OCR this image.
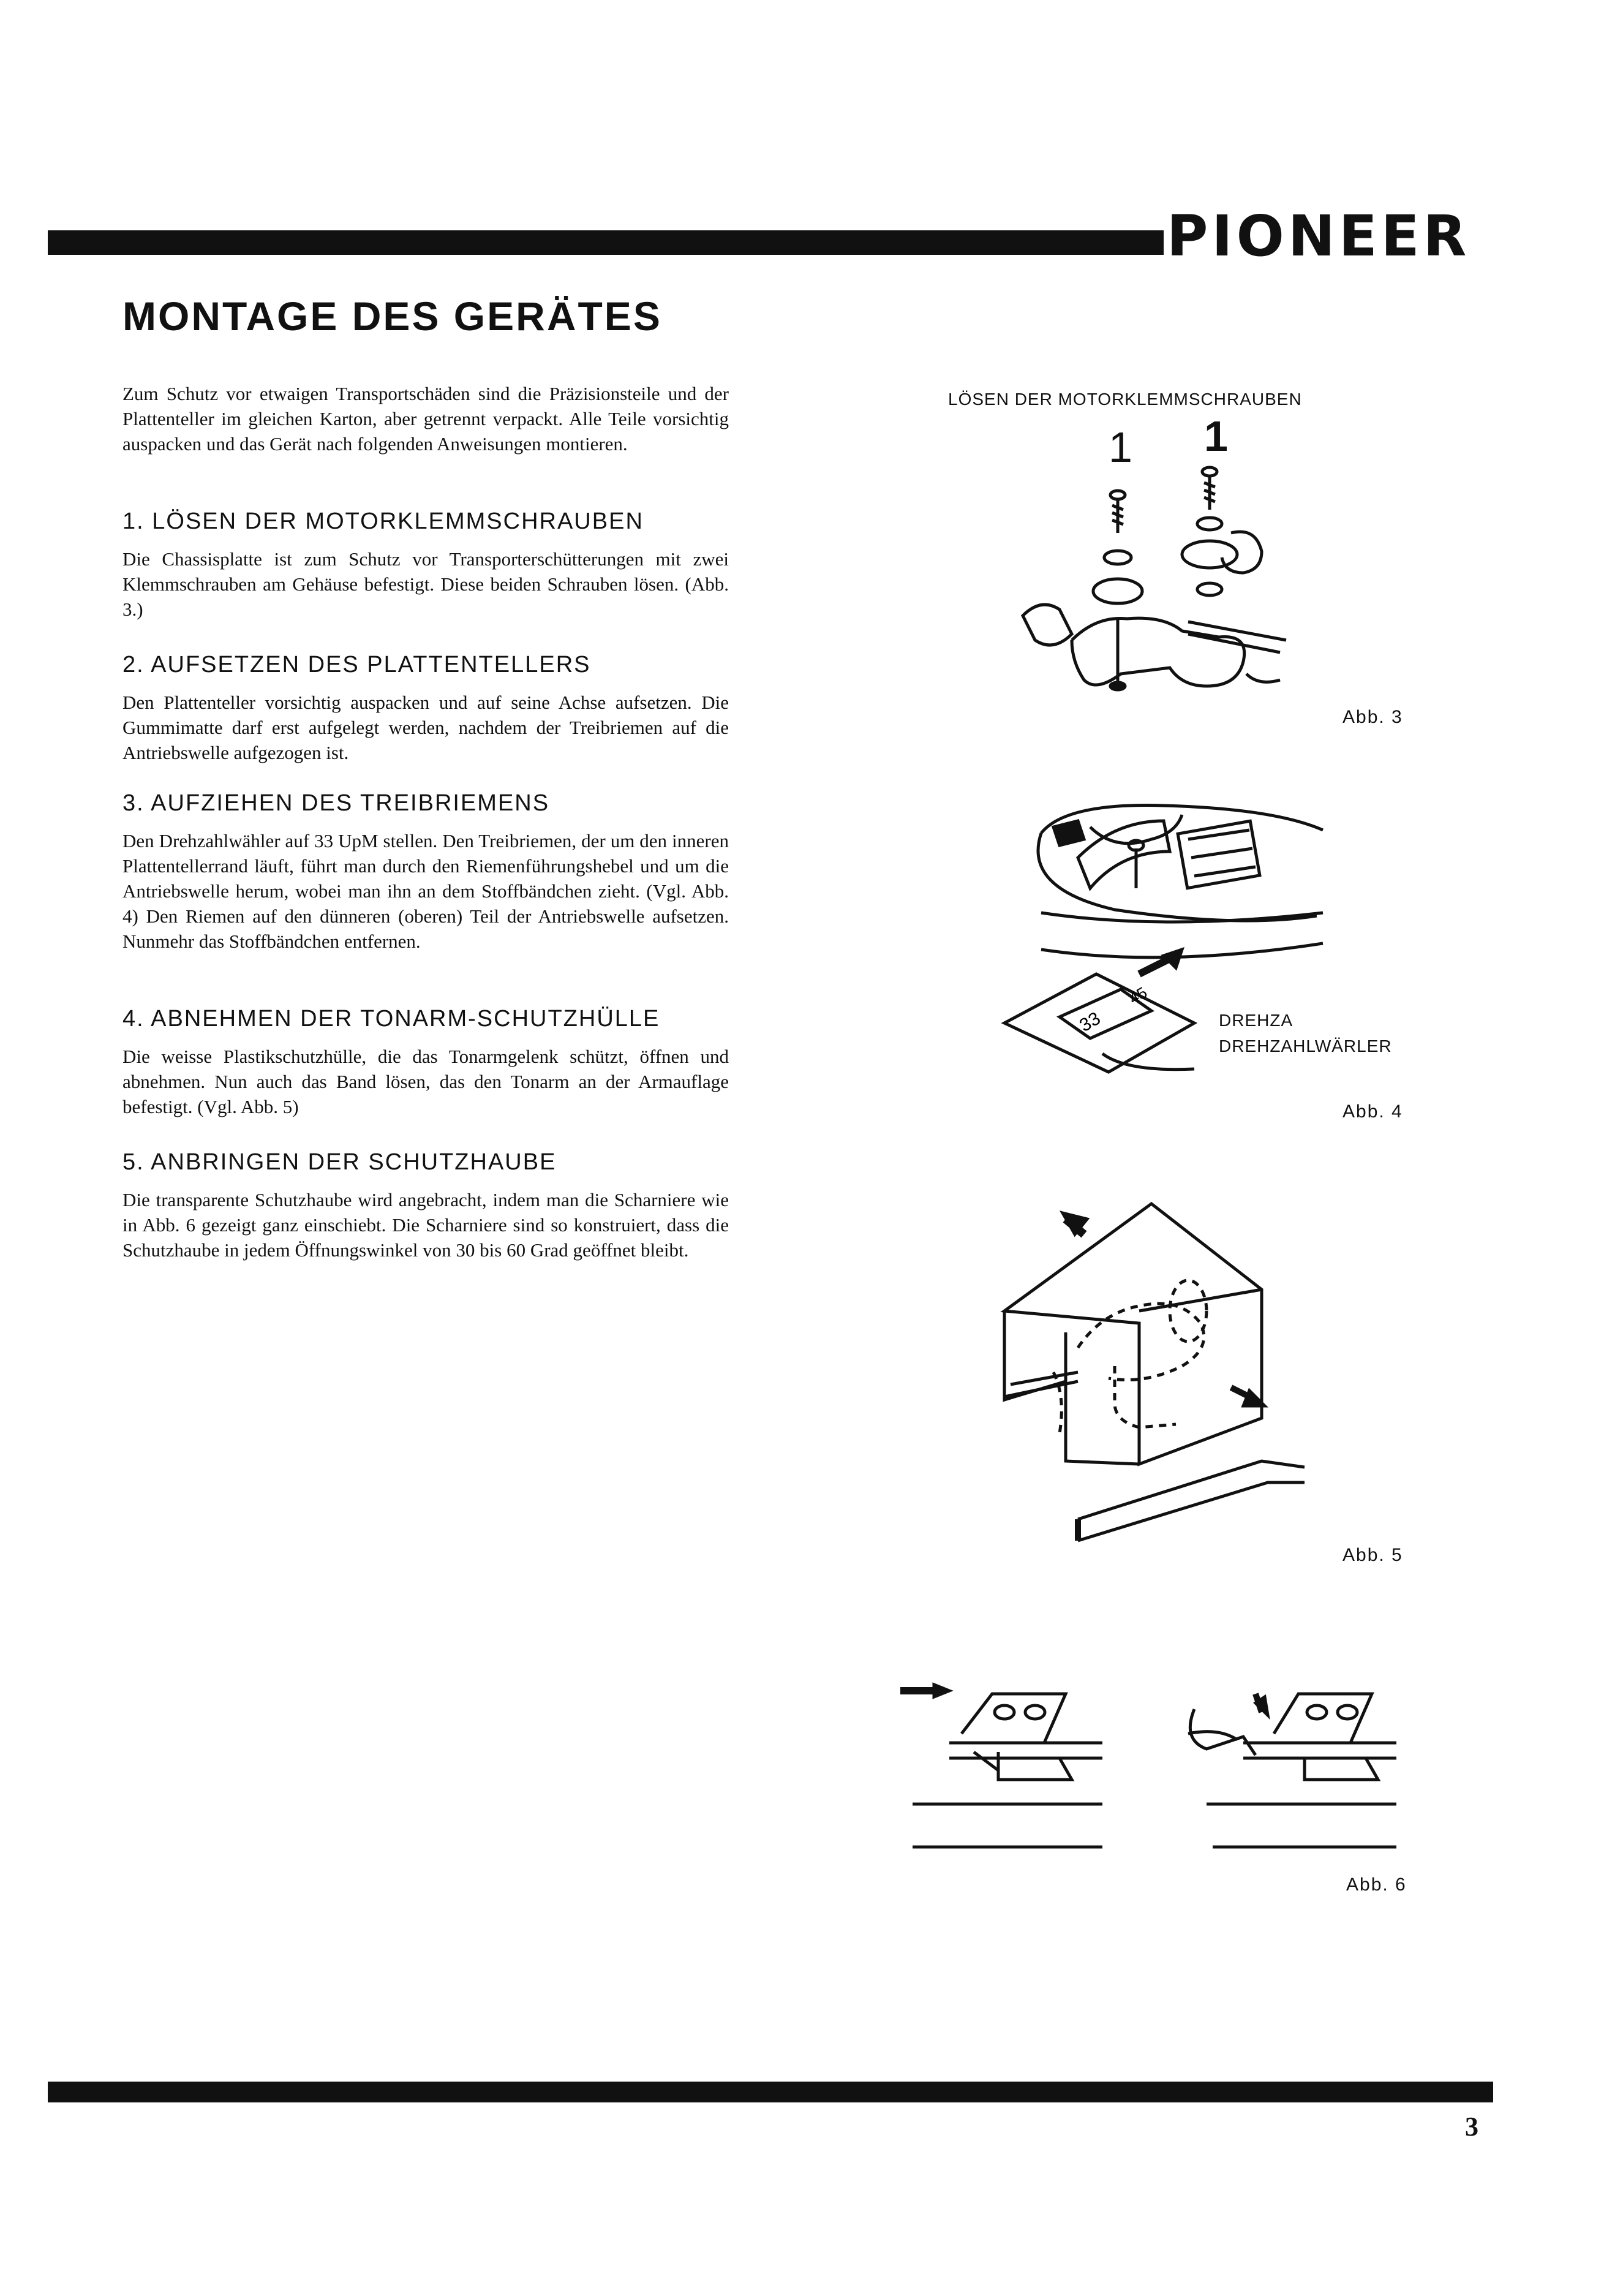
PIONEER
MONTAGE DES GERÄTES
Zum Schutz vor etwaigen Transportschäden sind die Präzisionsteile und der Plattenteller im gleichen Karton, aber getrennt verpackt. Alle Teile vorsichtig auspacken und das Gerät nach folgenden Anweisungen montieren.
1. LÖSEN DER MOTORKLEMMSCHRAUBEN
Die Chassisplatte ist zum Schutz vor Transporterschütterungen mit zwei Klemmschrauben am Gehäuse befestigt. Diese beiden Schrauben lösen. (Abb. 3.)
2. AUFSETZEN DES PLATTENTELLERS
Den Plattenteller vorsichtig auspacken und auf seine Achse aufsetzen. Die Gummimatte darf erst aufgelegt werden, nachdem der Treibriemen auf die Antriebswelle aufgezogen ist.
3. AUFZIEHEN DES TREIBRIEMENS
Den Drehzahlwähler auf 33 UpM stellen. Den Treibriemen, der um den inneren Plattentellerrand läuft, führt man durch den Riemenführungshebel und um die Antriebswelle herum, wobei man ihn an dem Stoffbändchen zieht. (Vgl. Abb. 4) Den Riemen auf den dünneren (oberen) Teil der Antriebswelle aufsetzen. Nunmehr das Stoffbändchen entfernen.
4. ABNEHMEN DER TONARM-SCHUTZHÜLLE
Die weisse Plastikschutzhülle, die das Tonarmgelenk schützt, öffnen und abnehmen. Nun auch das Band lösen, das den Tonarm an der Armauflage befestigt. (Vgl. Abb. 5)
5. ANBRINGEN DER SCHUTZHAUBE
Die transparente Schutzhaube wird angebracht, indem man die Scharniere wie in Abb. 6 gezeigt ganz einschiebt. Die Scharniere sind so konstruiert, dass die Schutzhaube in jedem Öffnungswinkel von 30 bis 60 Grad geöffnet bleibt.
LÖSEN DER MOTORKLEMMSCHRAUBEN
1 1
Abb. 3
33
45
DREHZA
DREHZAHLWÄRLER
Abb. 4
Abb. 5
Abb. 6
3
